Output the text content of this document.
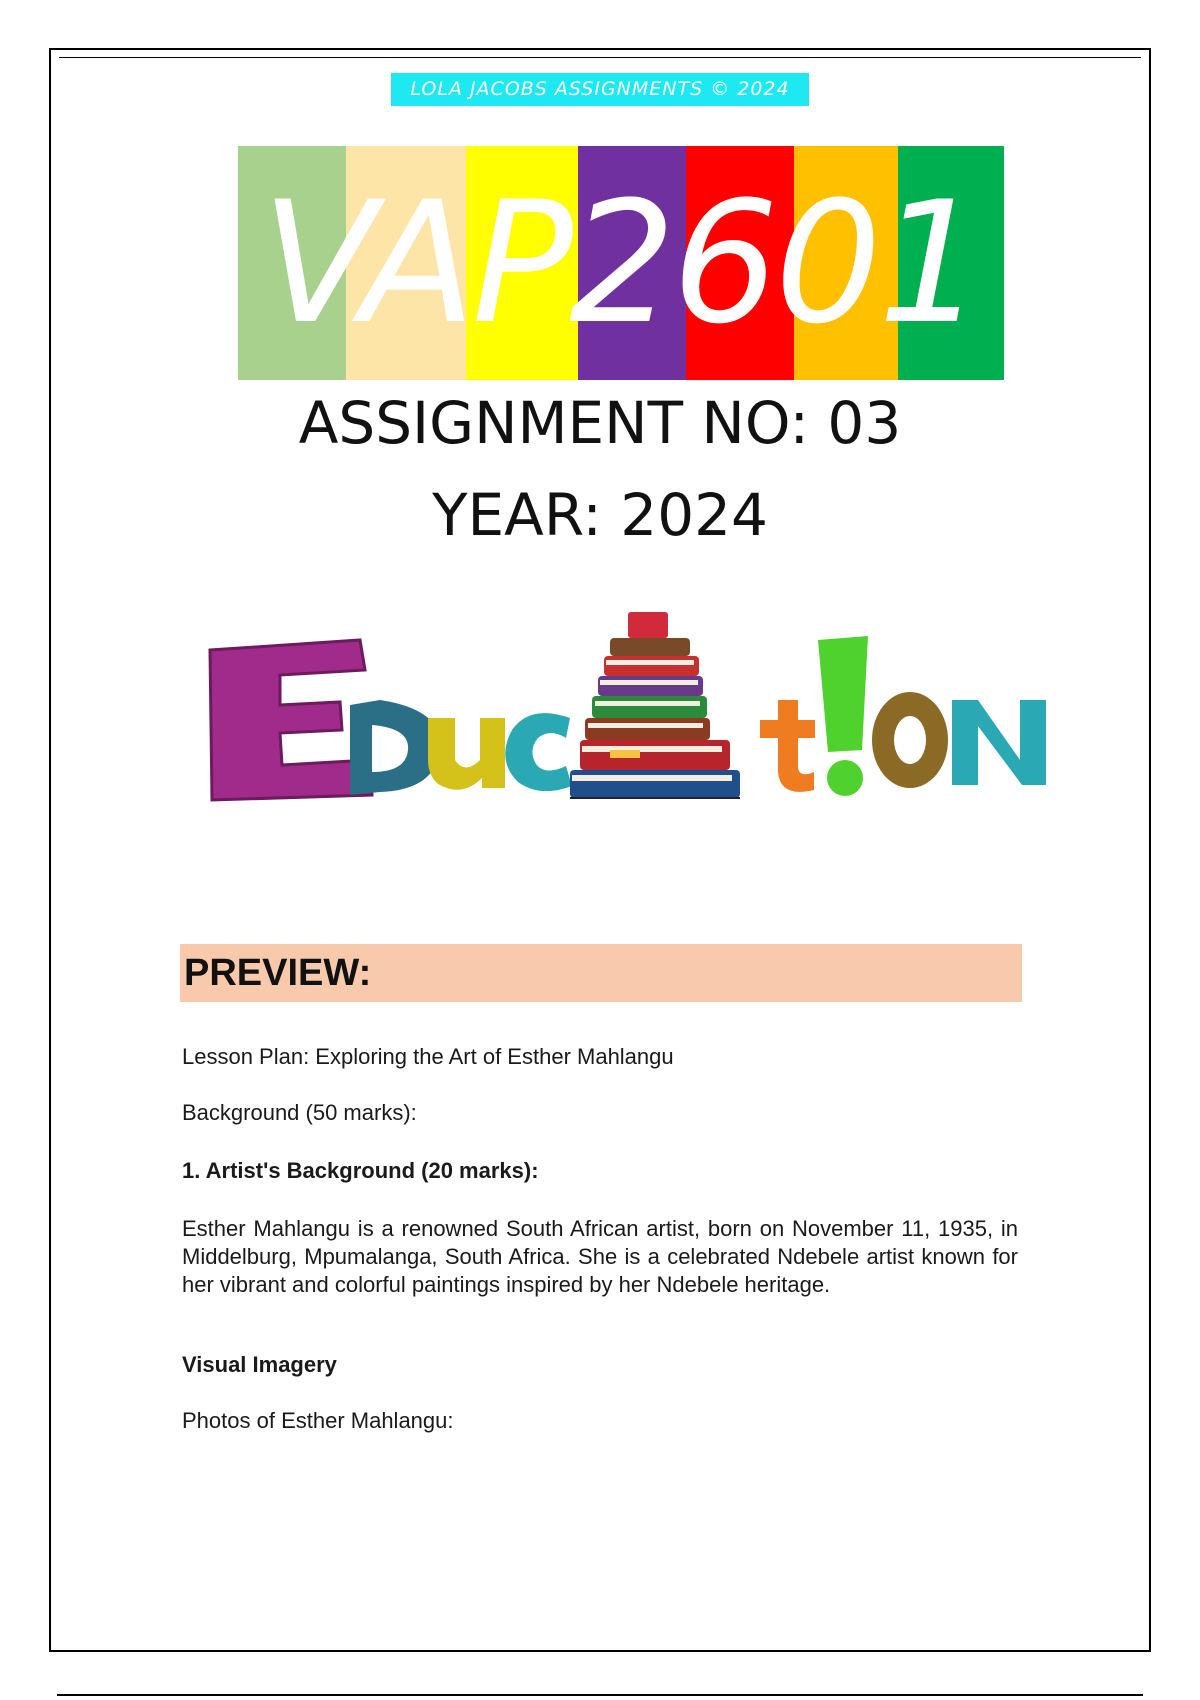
LOLA JACOBS ASSIGNMENTS © 2024
VAP2601
ASSIGNMENT NO: 03
YEAR: 2024
PREVIEW:
Lesson Plan: Exploring the Art of Esther Mahlangu
Background (50 marks):
1. Artist's Background (20 marks):
Esther Mahlangu is a renowned South African artist, born on November 11, 1935, in Middelburg, Mpumalanga, South Africa. She is a celebrated Ndebele artist known for her vibrant and colorful paintings inspired by her Ndebele heritage.
Visual Imagery
Photos of Esther Mahlangu:
